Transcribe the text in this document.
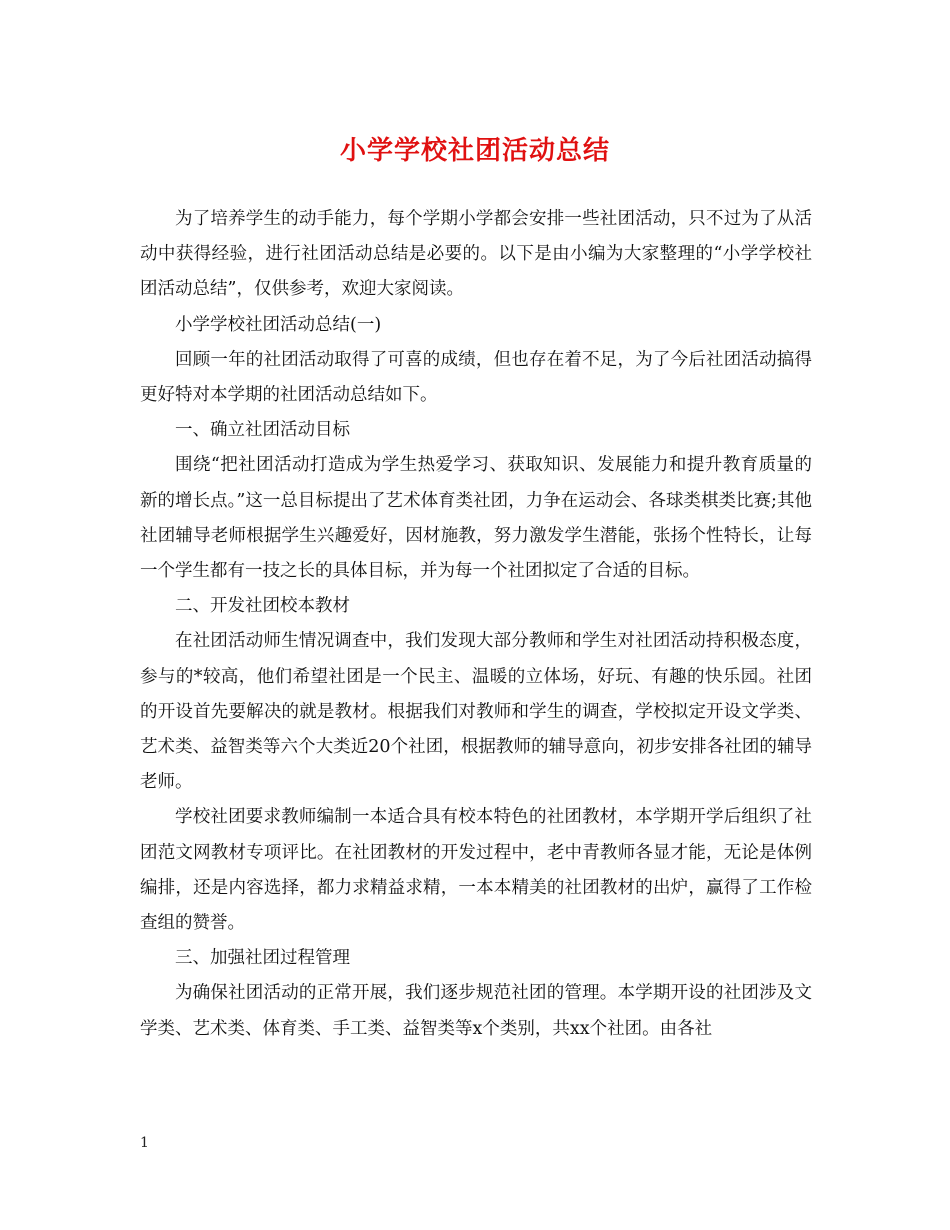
小学学校社团活动总结

为了培养学生的动手能力，每个学期小学都会安排一些社团活动，只不过为了从活动中获得经验，进行社团活动总结是必要的。以下是由小编为大家整理的“小学学校社团活动总结”，仅供参考，欢迎大家阅读。

小学学校社团活动总结(一)

回顾一年的社团活动取得了可喜的成绩，但也存在着不足，为了今后社团活动搞得更好特对本学期的社团活动总结如下。

一、确立社团活动目标

围绕“把社团活动打造成为学生热爱学习、获取知识、发展能力和提升教育质量的新的增长点。”这一总目标提出了艺术体育类社团，力争在运动会、各球类棋类比赛;其他社团辅导老师根据学生兴趣爱好，因材施教，努力激发学生潜能，张扬个性特长，让每一个学生都有一技之长的具体目标，并为每一个社团拟定了合适的目标。

二、开发社团校本教材

在社团活动师生情况调查中，我们发现大部分教师和学生对社团活动持积极态度，参与的*较高，他们希望社团是一个民主、温暖的立体场，好玩、有趣的快乐园。社团的开设首先要解决的就是教材。根据我们对教师和学生的调查，学校拟定开设文学类、艺术类、益智类等六个大类近20个社团，根据教师的辅导意向，初步安排各社团的辅导老师。

学校社团要求教师编制一本适合具有校本特色的社团教材，本学期开学后组织了社团范文网教材专项评比。在社团教材的开发过程中，老中青教师各显才能，无论是体例编排，还是内容选择，都力求精益求精，一本本精美的社团教材的出炉，赢得了工作检查组的赞誉。

三、加强社团过程管理

为确保社团活动的正常开展，我们逐步规范社团的管理。本学期开设的社团涉及文学类、艺术类、体育类、手工类、益智类等x个类别，共xx个社团。由各社

1
